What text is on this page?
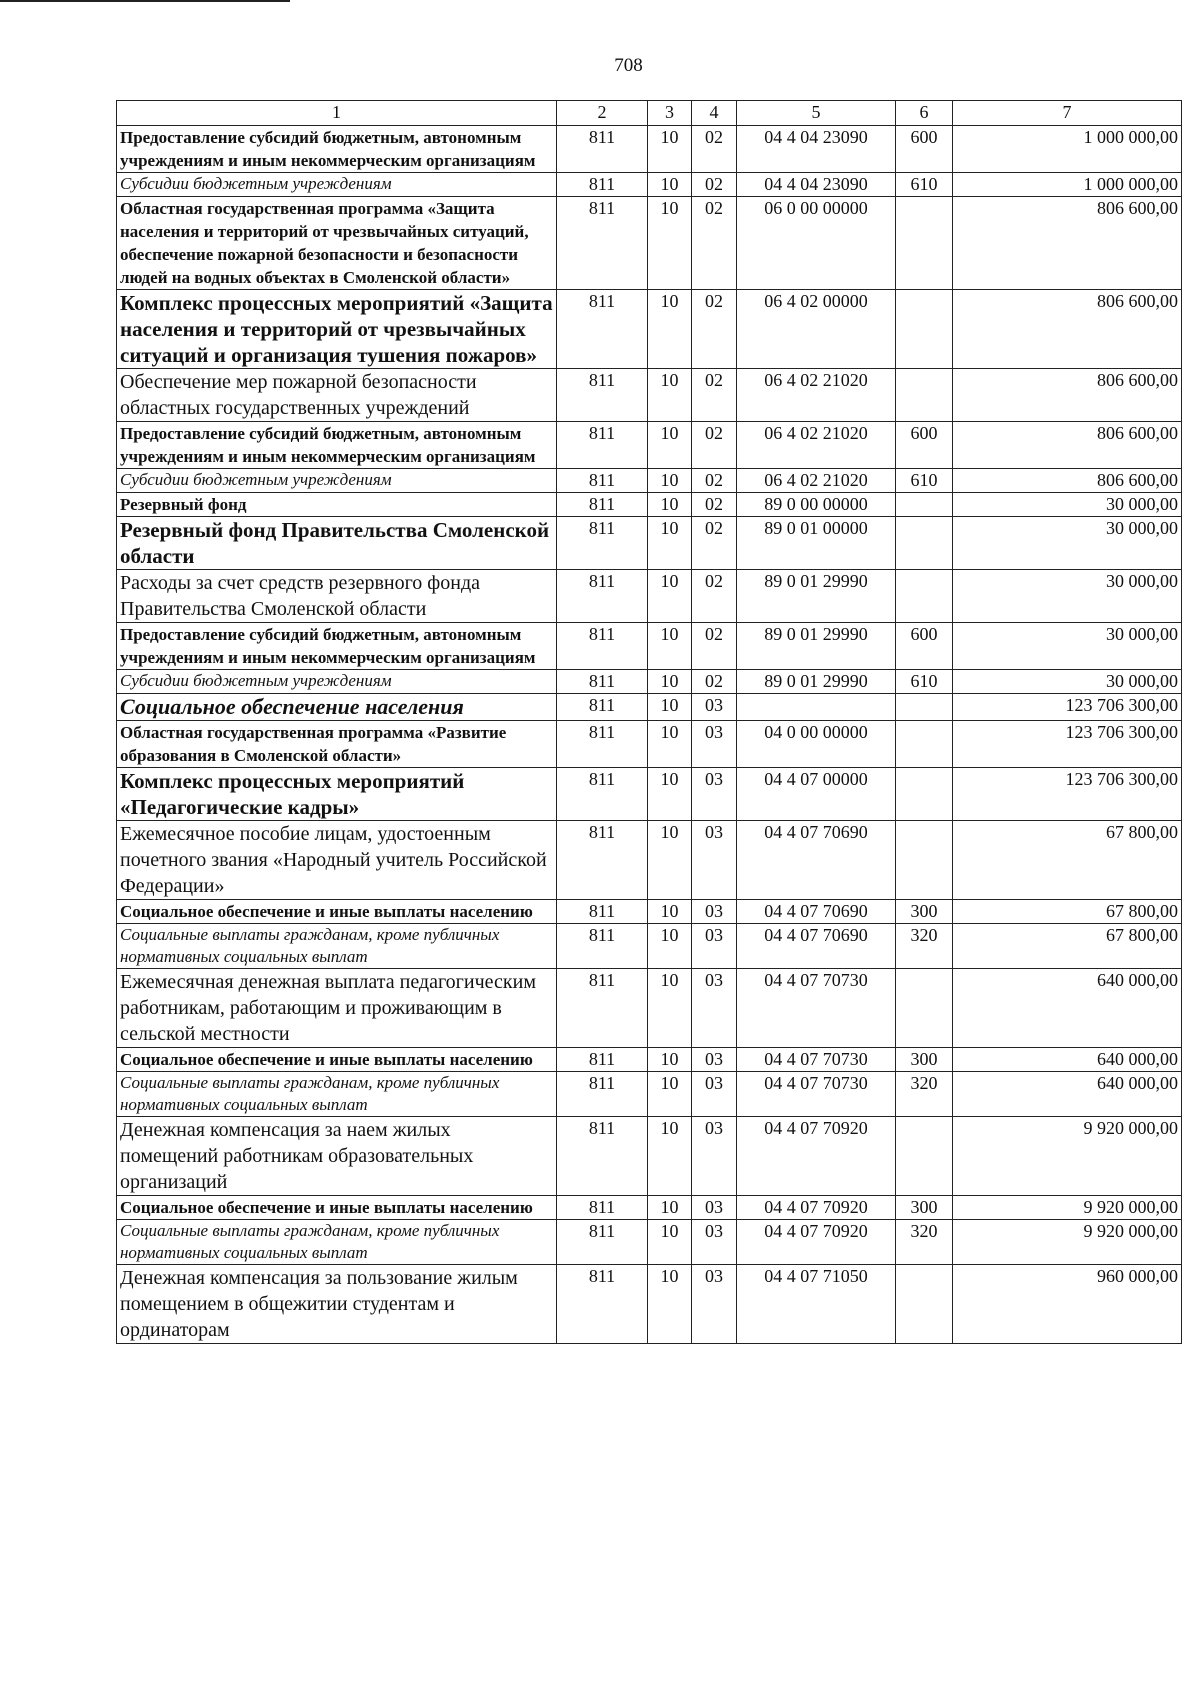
708
1	2	3	4	5	6	7
Предоставление субсидий бюджетным, автономным учреждениям и иным некоммерческим организациям	811	10	02	04 4 04 23090	600	1 000 000,00
Субсидии бюджетным учреждениям	811	10	02	04 4 04 23090	610	1 000 000,00
Областная государственная программа «Защита населения и территорий от чрезвычайных ситуаций, обеспечение пожарной безопасности и безопасности людей на водных объектах в Смоленской области»	811	10	02	06 0 00 00000		806 600,00
Комплекс процессных мероприятий «Защита населения и территорий от чрезвычайных ситуаций и организация тушения пожаров»	811	10	02	06 4 02 00000		806 600,00
Обеспечение мер пожарной безопасности областных государственных учреждений	811	10	02	06 4 02 21020		806 600,00
Предоставление субсидий бюджетным, автономным учреждениям и иным некоммерческим организациям	811	10	02	06 4 02 21020	600	806 600,00
Субсидии бюджетным учреждениям	811	10	02	06 4 02 21020	610	806 600,00
Резервный фонд	811	10	02	89 0 00 00000		30 000,00
Резервный фонд Правительства Смоленской области	811	10	02	89 0 01 00000		30 000,00
Расходы за счет средств резервного фонда Правительства Смоленской области	811	10	02	89 0 01 29990		30 000,00
Предоставление субсидий бюджетным, автономным учреждениям и иным некоммерческим организациям	811	10	02	89 0 01 29990	600	30 000,00
Субсидии бюджетным учреждениям	811	10	02	89 0 01 29990	610	30 000,00
Социальное обеспечение населения	811	10	03			123 706 300,00
Областная государственная программа «Развитие образования в Смоленской области»	811	10	03	04 0 00 00000		123 706 300,00
Комплекс процессных мероприятий «Педагогические кадры»	811	10	03	04 4 07 00000		123 706 300,00
Ежемесячное пособие лицам, удостоенным почетного звания «Народный учитель Российской Федерации»	811	10	03	04 4 07 70690		67 800,00
Социальное обеспечение и иные выплаты населению	811	10	03	04 4 07 70690	300	67 800,00
Социальные выплаты гражданам, кроме публичных нормативных социальных выплат	811	10	03	04 4 07 70690	320	67 800,00
Ежемесячная денежная выплата педагогическим работникам, работающим и проживающим в сельской местности	811	10	03	04 4 07 70730		640 000,00
Социальное обеспечение и иные выплаты населению	811	10	03	04 4 07 70730	300	640 000,00
Социальные выплаты гражданам, кроме публичных нормативных социальных выплат	811	10	03	04 4 07 70730	320	640 000,00
Денежная компенсация за наем жилых помещений работникам образовательных организаций	811	10	03	04 4 07 70920		9 920 000,00
Социальное обеспечение и иные выплаты населению	811	10	03	04 4 07 70920	300	9 920 000,00
Социальные выплаты гражданам, кроме публичных нормативных социальных выплат	811	10	03	04 4 07 70920	320	9 920 000,00
Денежная компенсация за пользование жилым помещением в общежитии студентам и ординаторам	811	10	03	04 4 07 71050		960 000,00
